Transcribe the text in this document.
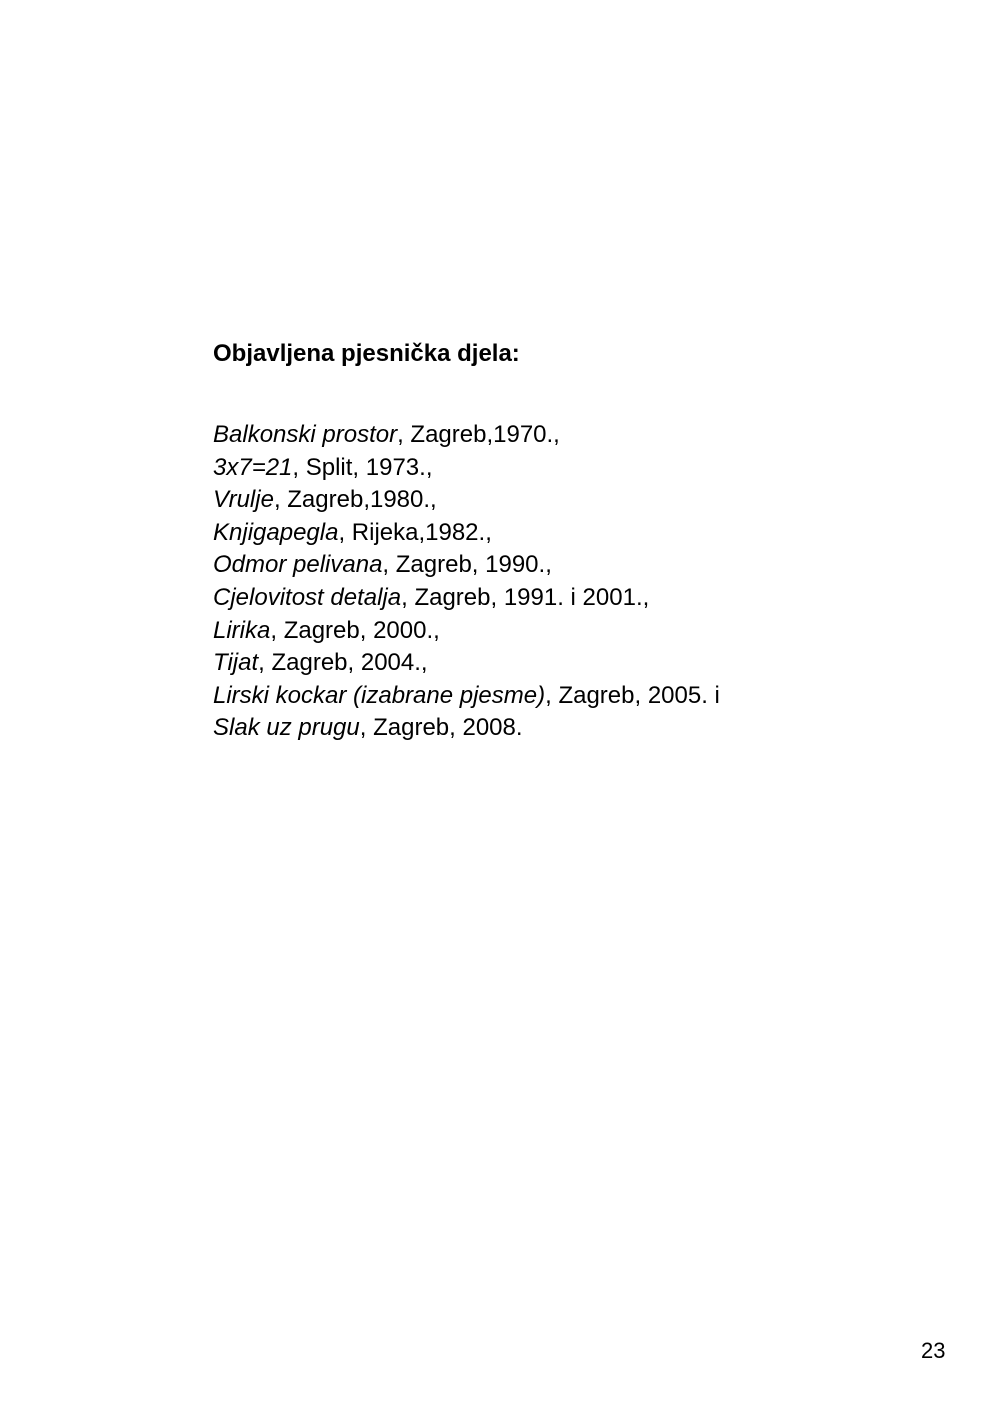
Objavljena pjesnička djela:
Balkonski prostor, Zagreb,1970.,
3x7=21, Split, 1973.,
Vrulje, Zagreb,1980.,
Knjigapegla, Rijeka,1982.,
Odmor pelivana, Zagreb, 1990.,
Cjelovitost detalja, Zagreb, 1991. i 2001.,
Lirika, Zagreb, 2000.,
Tijat, Zagreb, 2004.,
Lirski kockar (izabrane pjesme), Zagreb, 2005. i
Slak uz prugu, Zagreb, 2008.
23
